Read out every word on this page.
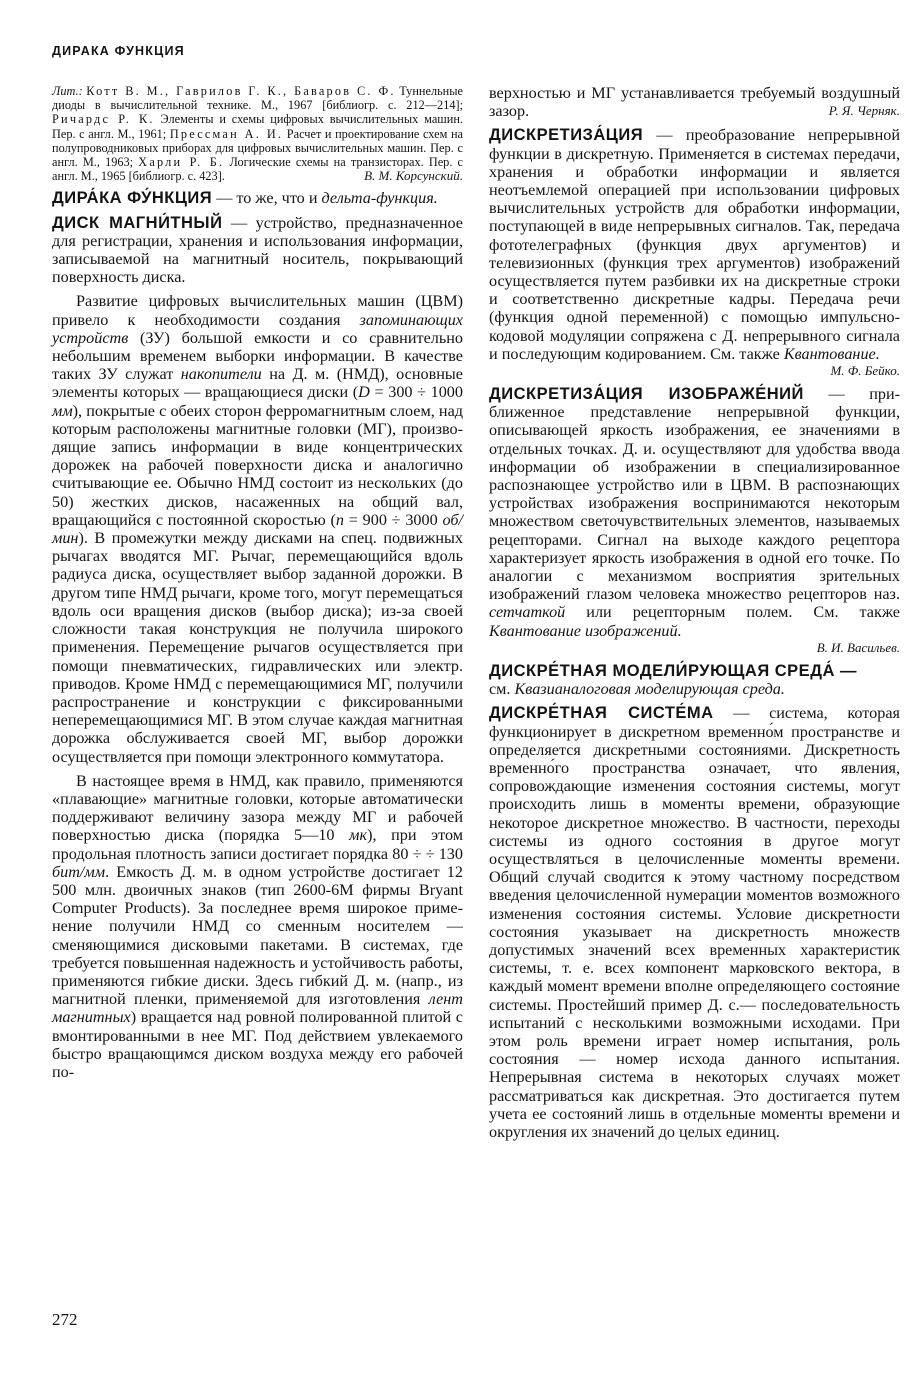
ДИРАКА ФУНКЦИЯ

Лит.: Котт В. М., Гаврилов Г. К., Баваров С. Ф. Туннельные диоды в вычислительной технике. М., 1967 [библиогр. с. 212—214]; Ричардс Р. К. Элементы и схемы цифровых вычислительных машин. Пер. с англ. М., 1961; Прессман А. И. Расчет и проектирование схем на полупроводниковых приборах для цифровых вычислительных машин. Пер. с англ. М., 1963; Харли Р. Б. Логические схемы на транзисторах. Пер. с англ. М., 1965 [библиогр. с. 423].	В. М. Корсунский.

ДИРА́КА ФУ́НКЦИЯ — то же, что и дельта-функция.

ДИСК МАГНИ́ТНЫЙ — устройство, предназначенное для регистрации, хранения и использования информации, записываемой на магнитный носитель, покрывающий поверхность диска.

Развитие цифровых вычислительных машин (ЦВМ) привело к необходимости создания запоминающих устройств (ЗУ) большой емкости и со сравнительно небольшим временем выборки информации. В качестве таких ЗУ служат накопители на Д. м. (НМД), основные элементы которых — вращающиеся диски (D = 300 ÷ 1000 мм), покрытые с обеих сторон ферромагнитным слоем, над которым расположены магнитные головки (МГ), производящие запись информации в виде концентрических дорожек на рабочей поверхности диска и аналогично считывающие ее. Обычно НМД состоит из нескольких (до 50) жестких дисков, насаженных на общий вал, вращающийся с постоянной скоростью (n = 900 ÷ 3000 об/мин). В промежутки между дисками на спец. подвижных рычагах вводятся МГ. Рычаг, перемещающийся вдоль радиуса диска, осуществляет выбор заданной дорожки. В другом типе НМД рычаги, кроме того, могут перемещаться вдоль оси вращения дисков (выбор диска); из-за своей сложности такая конструкция не получила широкого применения. Перемещение рычагов осуществляется при помощи пневматических, гидравлических или электр. приводов. Кроме НМД с перемещающимися МГ, получили распространение и конструкции с фиксированными неперемещающимися МГ. В этом случае каждая магнитная дорожка обслуживается своей МГ, выбор дорожки осуществляется при помощи электронного коммутатора.

В настоящее время в НМД, как правило, применяются «плавающие» магнитные головки, которые автоматически поддерживают величину зазора между МГ и рабочей поверхностью диска (порядка 5—10 мк), при этом продольная плотность записи достигает порядка 80 ÷ ÷ 130 бит/мм. Емкость Д. м. в одном устройстве достигает 12 500 млн. двоичных знаков (тип 2600-6М фирмы Bryant Computer Products). За последнее время широкое применение получили НМД со сменным носителем — сменяющимися дисковыми пакетами. В системах, где требуется повышенная надежность и устойчивость работы, применяются гибкие диски. Здесь гибкий Д. м. (напр., из магнитной пленки, применяемой для изготовления лент магнитных) вращается над ровной полированной плитой с вмонтированными в нее МГ. Под действием увлекаемого быстро вращающимся диском воздуха между его рабочей по-

верхностью и МГ устанавливается требуемый воздушный зазор.	Р. Я. Черняк.

ДИСКРЕТИЗА́ЦИЯ — преобразование непрерывной функции в дискретную. Применяется в системах передачи, хранения и обработки информации и является неотъемлемой операцией при использовании цифровых вычислительных устройств для обработки информации, поступающей в виде непрерывных сигналов. Так, передача фототелеграфных (функция двух аргументов) и телевизионных (функция трех аргументов) изображений осуществляется путем разбивки их на дискретные строки и соответственно дискретные кадры. Передача речи (функция одной переменной) с помощью импульсно-кодовой модуляции сопряжена с Д. непрерывного сигнала и последующим кодированием. См. также Квантование.

М. Ф. Бейко.

ДИСКРЕТИЗА́ЦИЯ ИЗОБРАЖЕ́НИЙ — приближенное представление непрерывной функции, описывающей яркость изображения, ее значениями в отдельных точках. Д. и. осуществляют для удобства ввода информации об изображении в специализированное распознающее устройство или в ЦВМ. В распознающих устройствах изображения воспринимаются некоторым множеством светочувствительных элементов, называемых рецепторами. Сигнал на выходе каждого рецептора характеризует яркость изображения в одной его точке. По аналогии с механизмом восприятия зрительных изображений глазом человека множество рецепторов наз. сетчаткой или рецепторным полем. См. также Квантование изображений.

В. И. Васильев.

ДИСКРЕ́ТНАЯ МОДЕЛИ́РУЮЩАЯ СРЕДА́ —
см. Квазианалоговая моделирующая среда.

ДИСКРЕ́ТНАЯ СИСТЕ́МА — система, которая функционирует в дискретном временно́м пространстве и определяется дискретными состояниями. Дискретность временно́го пространства означает, что явления, сопровождающие изменения состояния системы, могут происходить лишь в моменты времени, образующие некоторое дискретное множество. В частности, переходы системы из одного состояния в другое могут осуществляться в целочисленные моменты времени. Общий случай сводится к этому частному посредством введения целочисленной нумерации моментов возможного изменения состояния системы. Условие дискретности состояния указывает на дискретность множеств допустимых значений всех временных характеристик системы, т. е. всех компонент марковского вектора, в каждый момент времени вполне определяющего состояние системы. Простейший пример Д. с.— последовательность испытаний с несколькими возможными исходами. При этом роль времени играет номер испытания, роль состояния — номер исхода данного испытания. Непрерывная система в некоторых случаях может рассматриваться как дискретная. Это достигается путем учета ее состояний лишь в отдельные моменты времени и округления их значений до целых единиц.

272
